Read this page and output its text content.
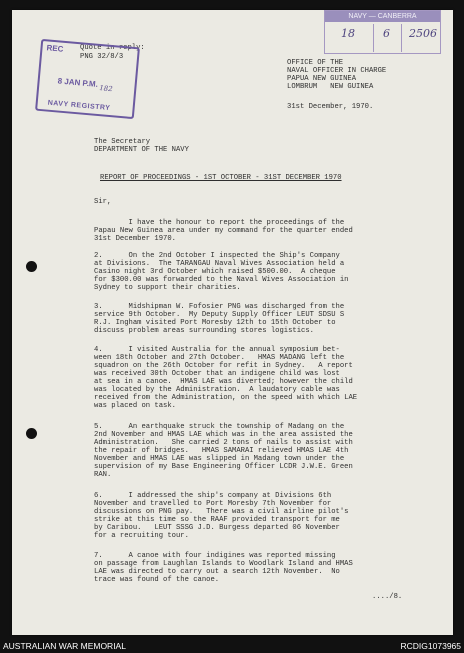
Quote in reply:
PNG 32/8/3
REC
8 JAN P.M. 182
NAVY REGISTRY
NAVY — CANBERRA
18	6 2506
OFFICE OF THE
NAVAL OFFICER IN CHARGE
PAPUA NEW GUINEA
LOMBRUM   NEW GUINEA
31st December, 1970.
The Secretary
DEPARTMENT OF THE NAVY
REPORT OF PROCEEDINGS - 1ST OCTOBER - 31ST DECEMBER 1970
Sir,
I have the honour to report the proceedings of the
Papau New Guinea area under my command for the quarter ended
31st December 1970.
2.      On the 2nd October I inspected the Ship's Company
at Divisions.  The TARANGAU Naval Wives Association held a
Casino night 3rd October which raised $500.00.  A cheque
for $300.00 was forwarded to the Naval Wives Association in
Sydney to support their charities.
3.      Midshipman W. Fofosier PNG was discharged from the
service 9th October.  My Deputy Supply Officer LEUT SDSU S
R.J. Ingham visited Port Moresby 12th to 15th October to
discuss problem areas surrounding stores logistics.
4.      I visited Australia for the annual symposium bet-
ween 18th October and 27th October.   HMAS MADANG left the
squadron on the 26th October for refit in Sydney.   A report
was received 30th October that an indigene child was lost
at sea in a canoe.  HMAS LAE was diverted; however the child
was located by the Administration.  A laudatory cable was
received from the Administration, on the speed with which LAE
was placed on task.
5.      An earthquake struck the township of Madang on the
2nd November and HMAS LAE which was in the area assisted the
Administration.   She carried 2 tons of nails to assist with
the repair of bridges.   HMAS SAMARAI relieved HMAS LAE 4th
November and HMAS LAE was slipped in Madang town under the
supervision of my Base Engineering Officer LCDR J.W.E. Green
RAN.
6.      I addressed the ship's company at Divisions 6th
November and travelled to Port Moresby 7th November for
discussions on PNG pay.   There was a civil airline pilot's
strike at this time so the RAAF provided transport for me
by Caribou.   LEUT SSSG J.D. Burgess departed 06 November
for a recruiting tour.
7.      A canoe with four indigines was reported missing
on passage from Laughlan Islands to Woodlark Island and HMAS
LAE was directed to carry out a search 12th November.  No
trace was found of the canoe.
..../8.
AUSTRALIAN WAR MEMORIAL	RCDIG1073965
